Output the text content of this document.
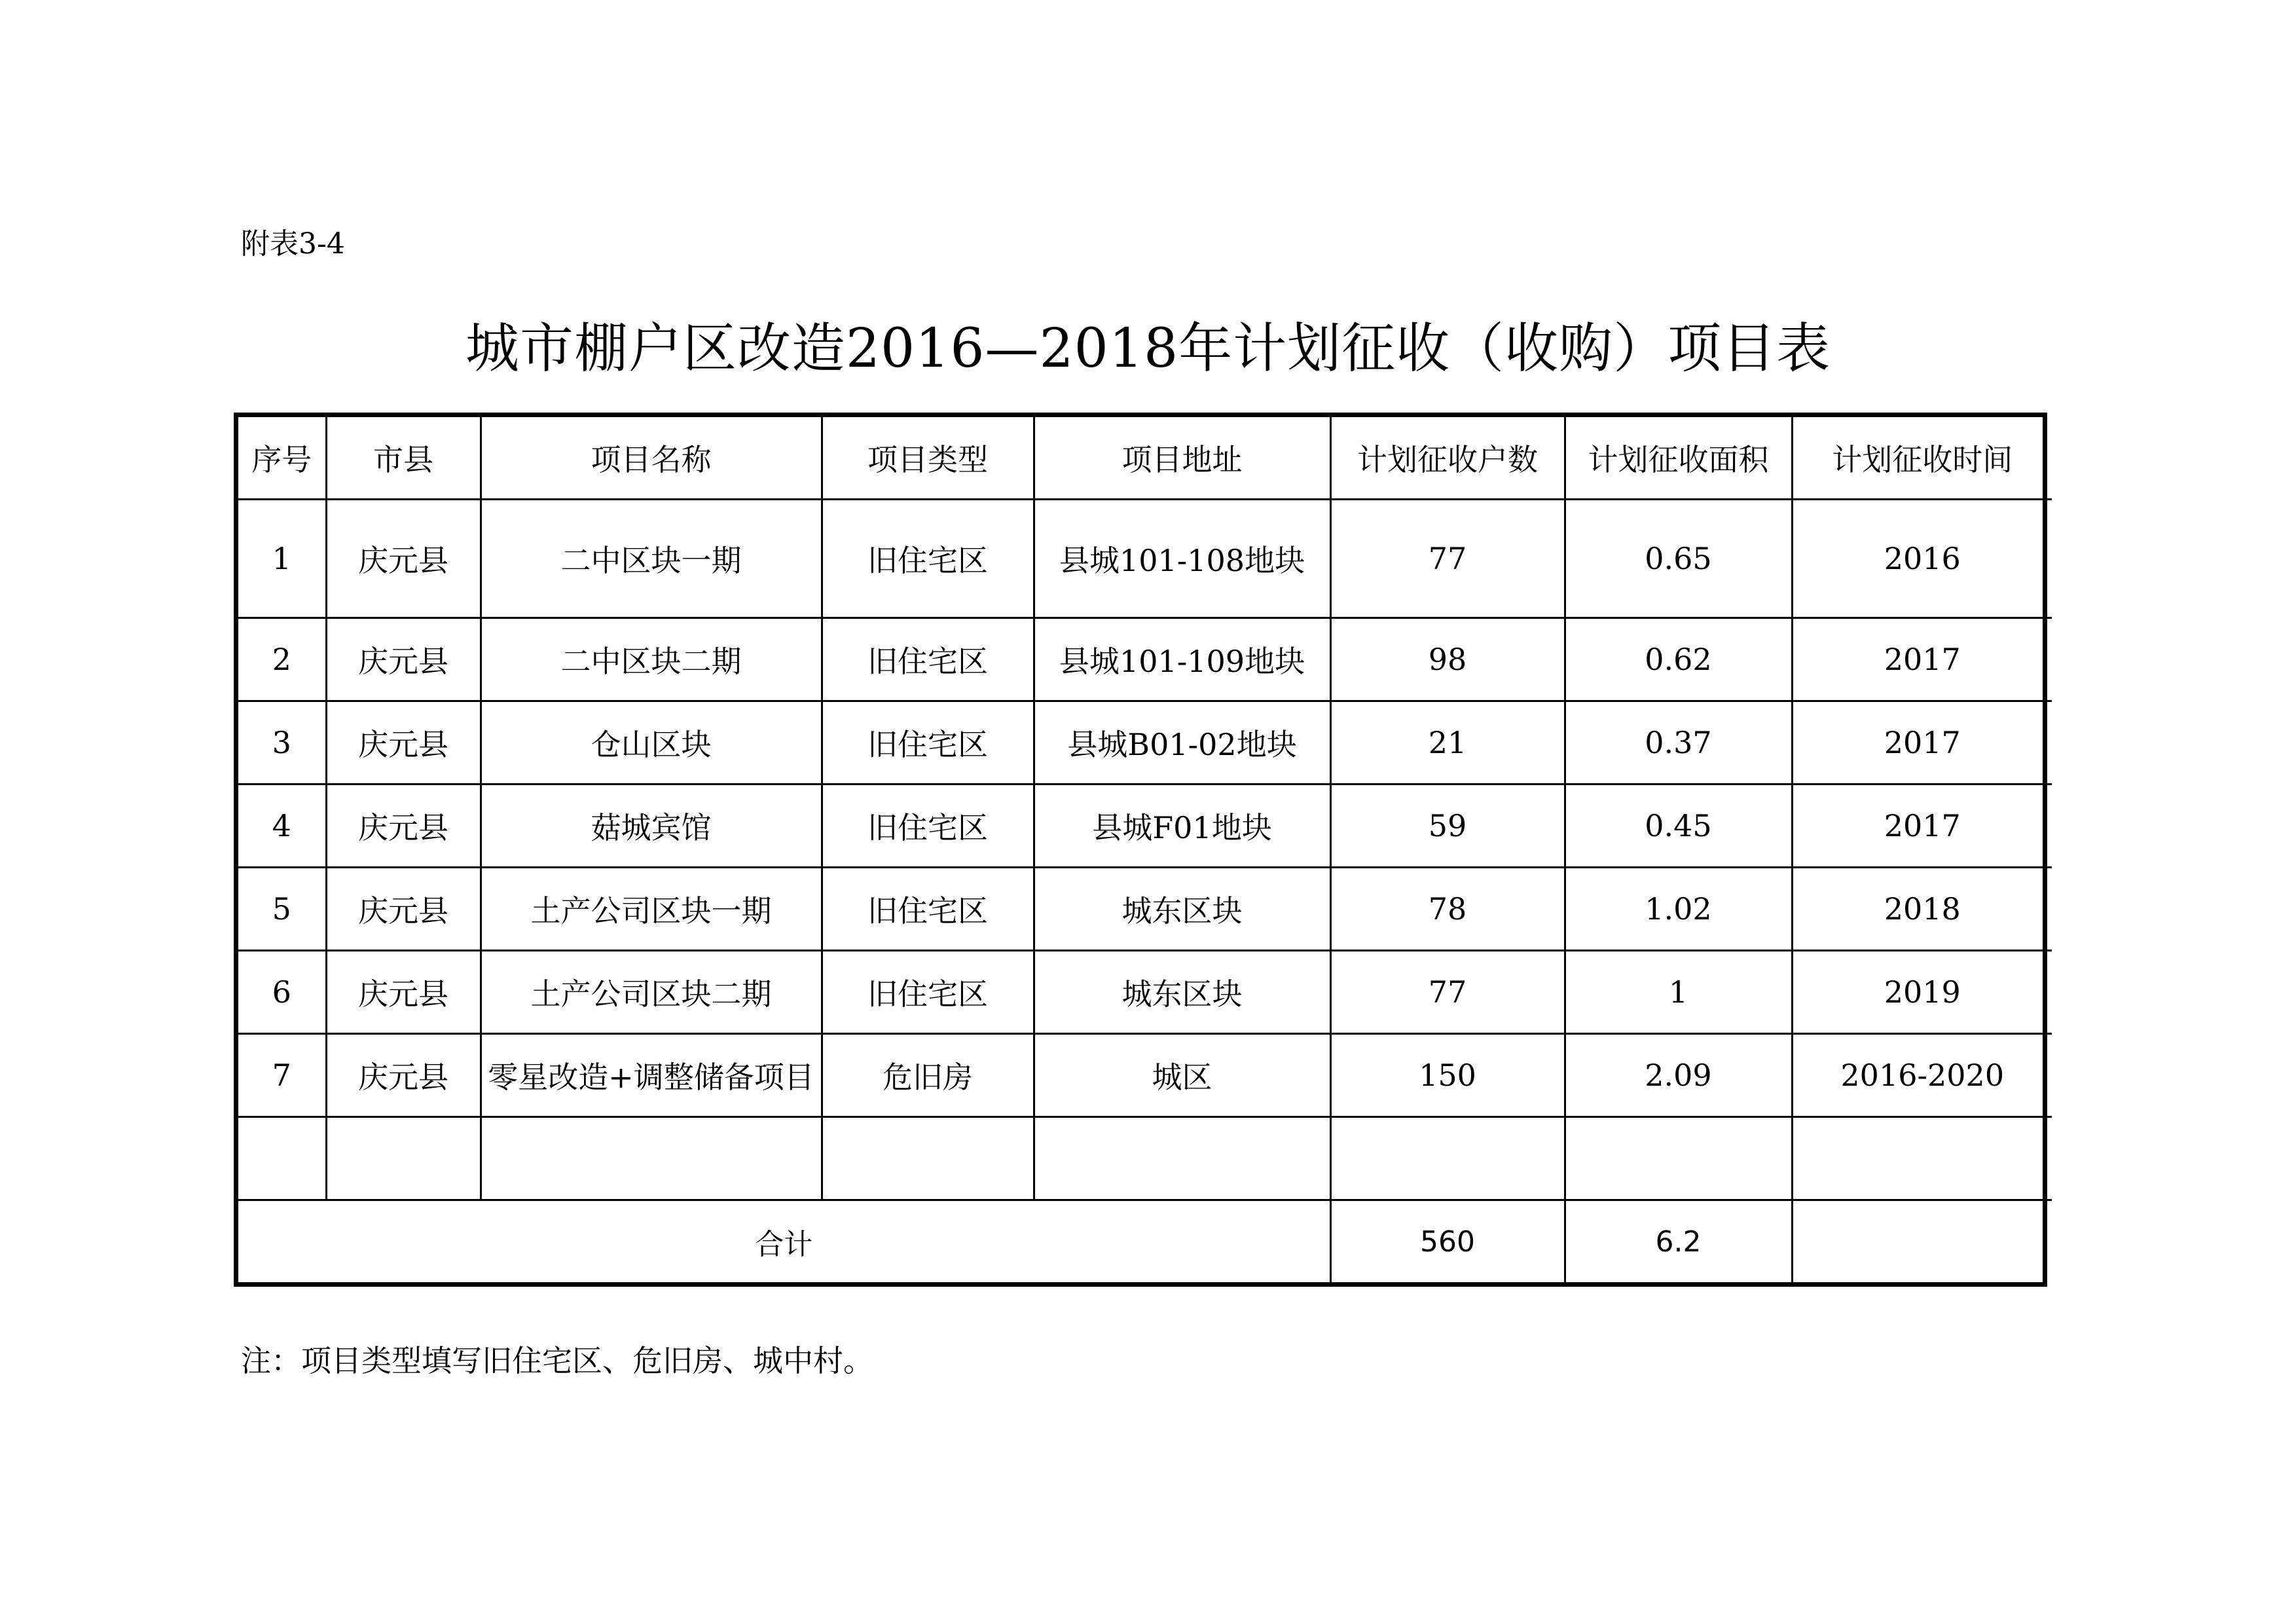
附表3-4
城市棚户区改造2016—2018年计划征收（收购）项目表
序号	市县	项目名称	项目类型	项目地址	计划征收户数	计划征收面积	计划征收时间
1	庆元县	二中区块一期	旧住宅区	县城101-108地块	77	0.65	2016
2	庆元县	二中区块二期	旧住宅区	县城101-109地块	98	0.62	2017
3	庆元县	仓山区块	旧住宅区	县城B01-02地块	21	0.37	2017
4	庆元县	菇城宾馆	旧住宅区	县城F01地块	59	0.45	2017
5	庆元县	土产公司区块一期	旧住宅区	城东区块	78	1.02	2018
6	庆元县	土产公司区块二期	旧住宅区	城东区块	77	1	2019
7	庆元县	零星改造+调整储备项目	危旧房	城区	150	2.09	2016-2020

合计					560	6.2	
注：项目类型填写旧住宅区、危旧房、城中村。
